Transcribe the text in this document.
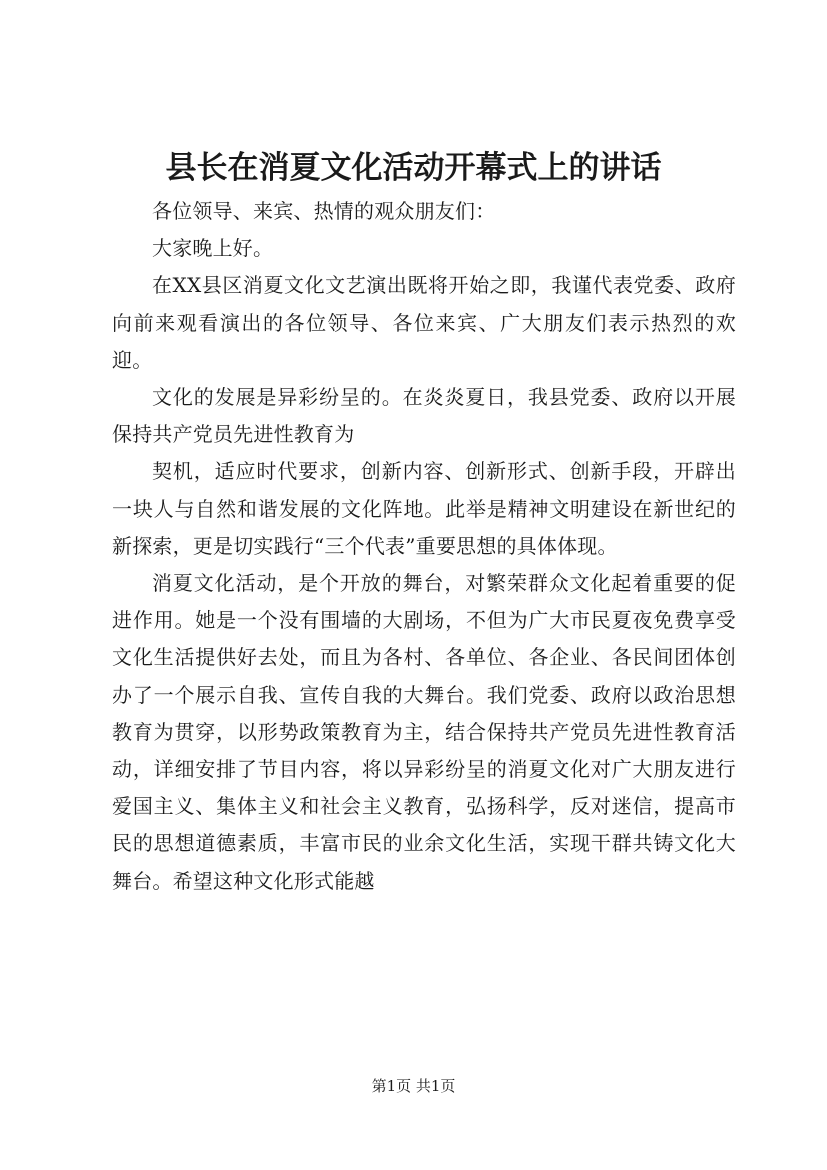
县长在消夏文化活动开幕式上的讲话

各位领导、来宾、热情的观众朋友们：

大家晚上好。

在XX县区消夏文化文艺演出既将开始之即，我谨代表党委、政府向前来观看演出的各位领导、各位来宾、广大朋友们表示热烈的欢迎。

文化的发展是异彩纷呈的。在炎炎夏日，我县党委、政府以开展保持共产党员先进性教育为

契机，适应时代要求，创新内容、创新形式、创新手段，开辟出一块人与自然和谐发展的文化阵地。此举是精神文明建设在新世纪的新探索，更是切实践行“三个代表”重要思想的具体体现。

消夏文化活动，是个开放的舞台，对繁荣群众文化起着重要的促进作用。她是一个没有围墙的大剧场，不但为广大市民夏夜免费享受文化生活提供好去处，而且为各村、各单位、各企业、各民间团体创办了一个展示自我、宣传自我的大舞台。我们党委、政府以政治思想教育为贯穿，以形势政策教育为主，结合保持共产党员先进性教育活动，详细安排了节目内容，将以异彩纷呈的消夏文化对广大朋友进行爱国主义、集体主义和社会主义教育，弘扬科学，反对迷信，提高市民的思想道德素质，丰富市民的业余文化生活，实现干群共铸文化大舞台。希望这种文化形式能越

第1页 共1页
